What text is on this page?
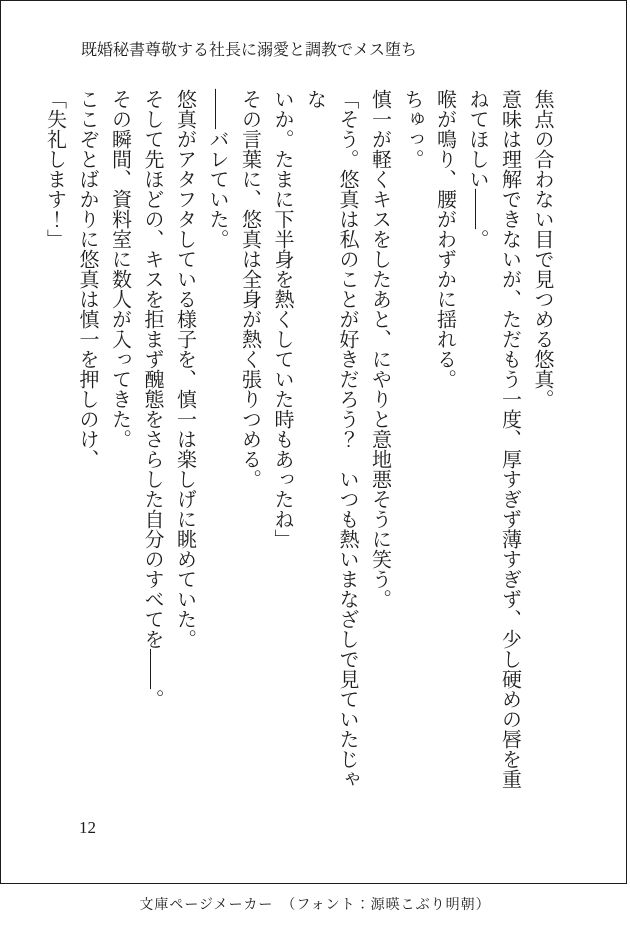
既婚秘書尊敬する社長に溺愛と調教でメス堕ち
焦点の合わない目で見つめる悠真。
意味は理解できないが、ただもう一度、厚すぎず薄すぎず、少し硬めの唇を重
ねてほしい――。
喉が鳴り、腰がわずかに揺れる。
ちゅっ。
慎一が軽くキスをしたあと、にやりと意地悪そうに笑う。
「そう。悠真は私のことが好きだろう？　いつも熱いまなざしで見ていたじゃな
いか。たまに下半身を熱くしていた時もあったね」
その言葉に、悠真は全身が熱く張りつめる。
――バレていた。
悠真がアタフタしている様子を、慎一は楽しげに眺めていた。
そして先ほどの、キスを拒まず醜態をさらした自分のすべてを――。
その瞬間、資料室に数人が入ってきた。
ここぞとばかりに悠真は慎一を押しのけ、
「失礼します！」
12
文庫ページメーカー　（フォント：源暎こぶり明朝）
